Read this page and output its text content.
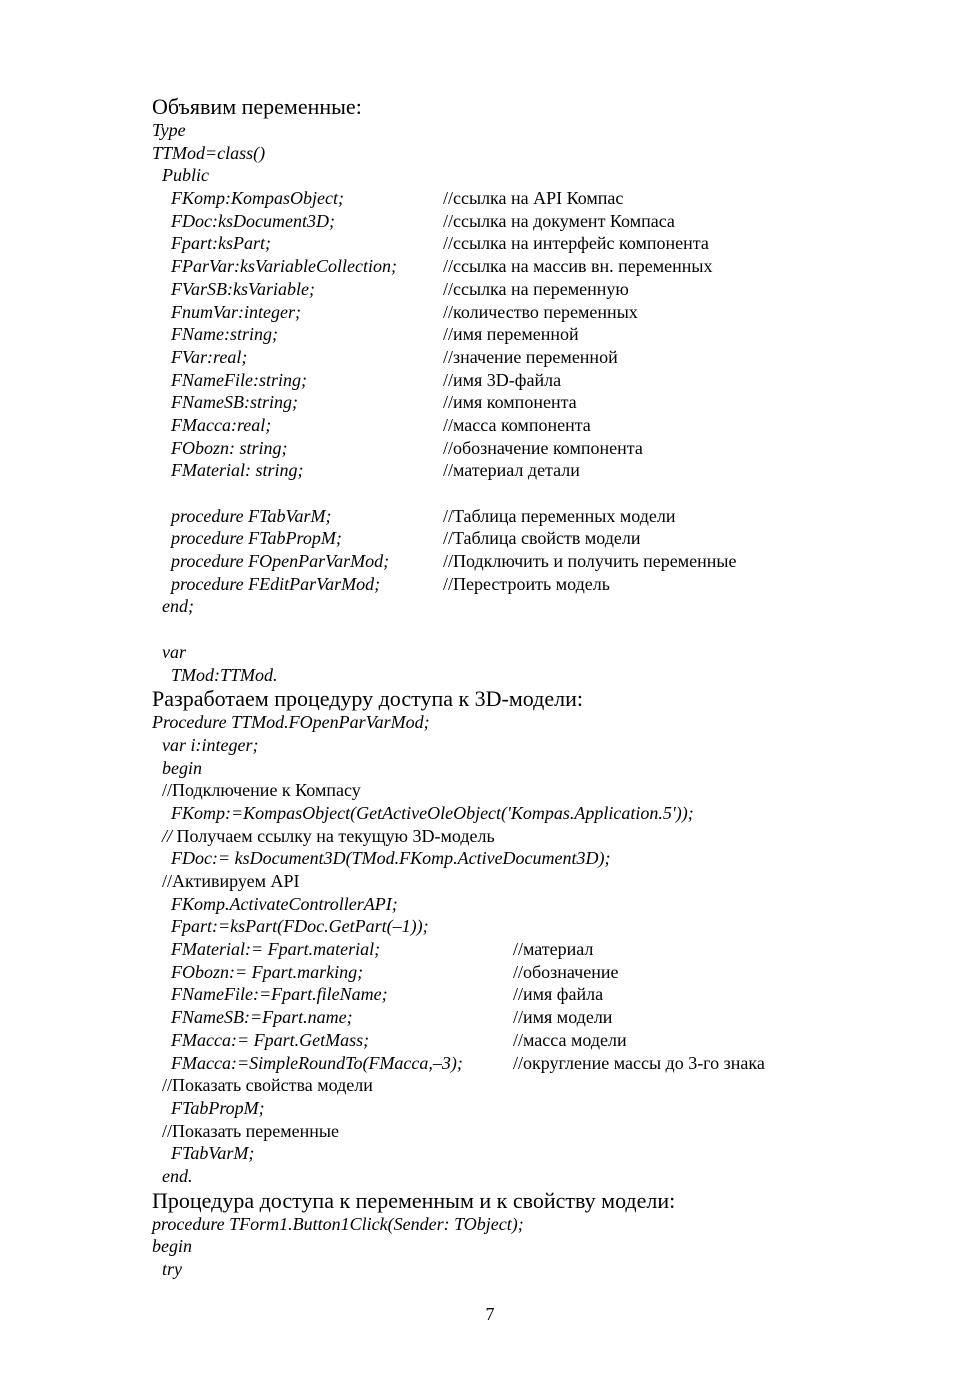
Объявим переменные:
Type
TTMod=class()
Public
FKomp:KompasObject;	//ссылка на API Компас
FDoc:ksDocument3D;	//ссылка на документ Компаса
Fpart:ksPart;	//ссылка на интерфейс компонента
FParVar:ksVariableCollection;	//ссылка на массив вн. переменных
FVarSB:ksVariable;	//ссылка на переменную
FnumVar:integer;	//количество переменных
FName:string;	//имя переменной
FVar:real;	//значение переменной
FNameFile:string;	//имя 3D-файла
FNameSB:string;	//имя компонента
FMacca:real;	//масса компонента
FObozn: string;	//обозначение компонента
FMaterial: string;	//материал детали
procedure FTabVarM;	//Таблица переменных модели
procedure FTabPropM;	//Таблица свойств модели
procedure FOpenParVarMod;	//Подключить и получить переменные
procedure FEditParVarMod;	//Перестроить модель
end;
var
TMod:TTMod.
Разработаем процедуру доступа к 3D-модели:
Procedure TTMod.FOpenParVarMod;
var i:integer;
begin
//Подключение к Компасу
FKomp:=KompasObject(GetActiveOleObject('Kompas.Application.5'));
// Получаем ссылку на текущую 3D-модель
FDoc:= ksDocument3D(TMod.FKomp.ActiveDocument3D);
//Активируем API
FKomp.ActivateControllerAPI;
Fpart:=ksPart(FDoc.GetPart(–1));
FMaterial:= Fpart.material;	//материал
FObozn:= Fpart.marking;	//обозначение
FNameFile:=Fpart.fileName;	//имя файла
FNameSB:=Fpart.name;	//имя модели
FMacca:= Fpart.GetMass;	//масса модели
FMacca:=SimpleRoundTo(FMacca,–3);	//округление массы до 3-го знака
//Показать свойства модели
FTabPropM;
//Показать переменные
FTabVarM;
end.
Процедура доступа к переменным и к свойству модели:
procedure TForm1.Button1Click(Sender: TObject);
begin
try
7
